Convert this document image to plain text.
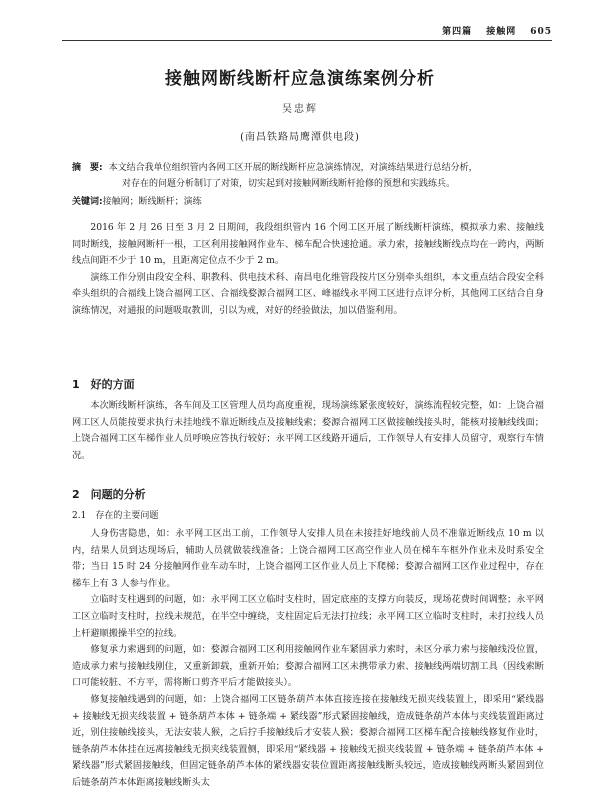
第四篇 接触网 605
接触网断线断杆应急演练案例分析
吴忠辉
(南昌铁路局鹰潭供电段)
摘　要: 本文结合我单位组织管内各网工区开展的断线断杆应急演练情况，对演练结果进行总结分析，
对存在的问题分析制订了对策，切实起到对接触网断线断杆抢修的预想和实践练兵。
关键词:接触网；断线断杆；演练

2016 年 2 月 26 日至 3 月 2 日期间，我段组织管内 16 个网工区开展了断线断杆演练，模拟承力索、接触线同时断线，接触网断杆一根，工区利用接触网作业车、梯车配合快速抢通。承力索，接触线断线点均在一跨内，两断线点间距不少于 10 m，且距离定位点不少于 2 m。

演练工作分别由段安全科、职教科、供电技术科、南昌电化维管段按片区分别牵头组织，本文重点结合段安全科牵头组织的合福线上饶合福网工区、合福线婺源合福网工区、峰福线永平网工区进行点评分析，其他网工区结合自身演练情况，对通报的问题吸取教训，引以为戒，对好的经验做法，加以借鉴利用。

1　好的方面

本次断线断杆演练，各车间及工区管理人员均高度重视，现场演练紧张度较好，演练流程较完整，如：上饶合福网工区人员能按要求执行未挂地线不靠近断线点及接触线索；婺源合福网工区做接触线接头时，能核对接触线线面；上饶合福网工区车梯作业人员呼唤应答执行较好；永平网工区线路开通后，工作领导人有安排人员留守，观察行车情况。

2　问题的分析
2.1　存在的主要问题

人身伤害隐患，如：永平网工区出工前，工作领导人安排人员在未接挂好地线前人员不准靠近断线点 10 m 以内，结果人员到达现场后，辅助人员就做装线准备；上饶合福网工区高空作业人员在梯车车框外作业未及时系安全带；当日 15 时 24 分接触网作业车动车时，上饶合福网工区作业人员上下爬梯；婺源合福网工区作业过程中，存在梯车上有 3 人参与作业。

立临时支柱遇到的问题，如：永平网工区立临时支柱时，固定底座的支撑方向装反，现场花费时间调整；永平网工区立临时支柱时，拉线未规范，在半空中缠绕，支柱固定后无法打拉线；永平网工区立临时支柱时，未打拉线人员上杆避顺搬操半空的拉线。

修复承力索遇到的问题，如：婺源合福网工区利用接触网作业车紧固承力索时，未区分承力索与接触线没位置，造成承力索与接触线刚住，又重新卸载，重新开始；婺源合福网工区未携带承力索、接触线两端切割工具（因线索断口可能较脏、不方平，需将断口剪齐平后才能做接头）。

修复接触线遇到的问题，如：上饶合福网工区链条葫芦本体直接连接在接触线无损夹线装置上，即采用“紧线器 + 接触线无损夹线装置 + 链条葫芦本体 + 链条端 + 紧线器”形式紧固接触线，造成链条葫芦本体与夹线装置距离过近，别住接触线接头，无法安装人猴，之后拧手接触线后才安装人猴；婺源合福网工区梯车配合接触线修复作业时，链条葫芦本体挂在远离接触线无损夹线装置侧，即采用“紧线器 + 接触线无损夹线装置 + 链条端 + 链条葫芦本体 + 紧线器”形式紧固接触线，但固定链条葫芦本体的紧线器安装位置距离接触线断头较远，造成接触线两断头紧固到位后链条葫芦本体距离接触线断头太
